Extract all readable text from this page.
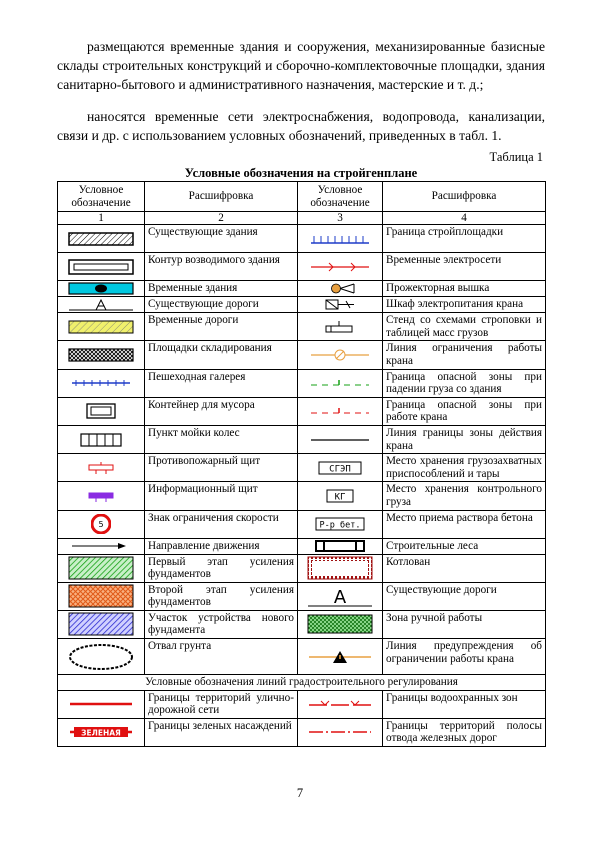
размещаются временные здания и сооружения, механизированные базисные склады строительных конструкций и сборочно-комплектовочные площадки, здания санитарно-бытового и административного назначения, мастерские и т. д.;
наносятся временные сети электроснабжения, водопровода, канализации, связи и др. с использованием условных обозначений, приведенных в табл. 1.
Таблица 1
Условные обозначения на стройгенплане
Условное обозначение	Расшифровка	Условное обозначение	Расшифровка
1	2	3	4

	Существующие здания		Граница стройплощадки

	Контур возводимого здания		Временные электросети

	Временные здания		Прожекторная вышка

	Существующие дороги		Шкаф электропитания крана

	Временные дороги		Стенд со схемами строповки и таблицей масс грузов

	Площадки складирования		Линия ограничения работы крана

	Пешеходная галерея		Граница опасной зоны при падении груза со здания

	Контейнер для мусора		Граница опасной зоны при работе крана

	Пункт мойки колес		Линия границы зоны действия крана

	Противопожарный щит	СГЭП	Место хранения грузозахватных приспособлений и тары

	Информационный щит	КГ	Место хранения контрольного груза

5	Знак ограничения скорости	Р-р бет.	Место приема раствора бетона

	Направление движения		Строительные леса

	Первый этап усиления фундаментов		Котлован

	Второй этап усиления фундаментов	А	Существующие дороги

	Участок устройства нового фундамента		Зона ручной работы

	Отвал грунта		Линия предупреждения об ограничении работы крана
Условные обозначения линий градостроительного регулирования			

	Границы территорий улично-дорожной сети		Границы водоохранных зон

ЗЕЛЕНАЯ	Границы зеленых насаждений		Границы территорий полосы отвода железных дорог
7
